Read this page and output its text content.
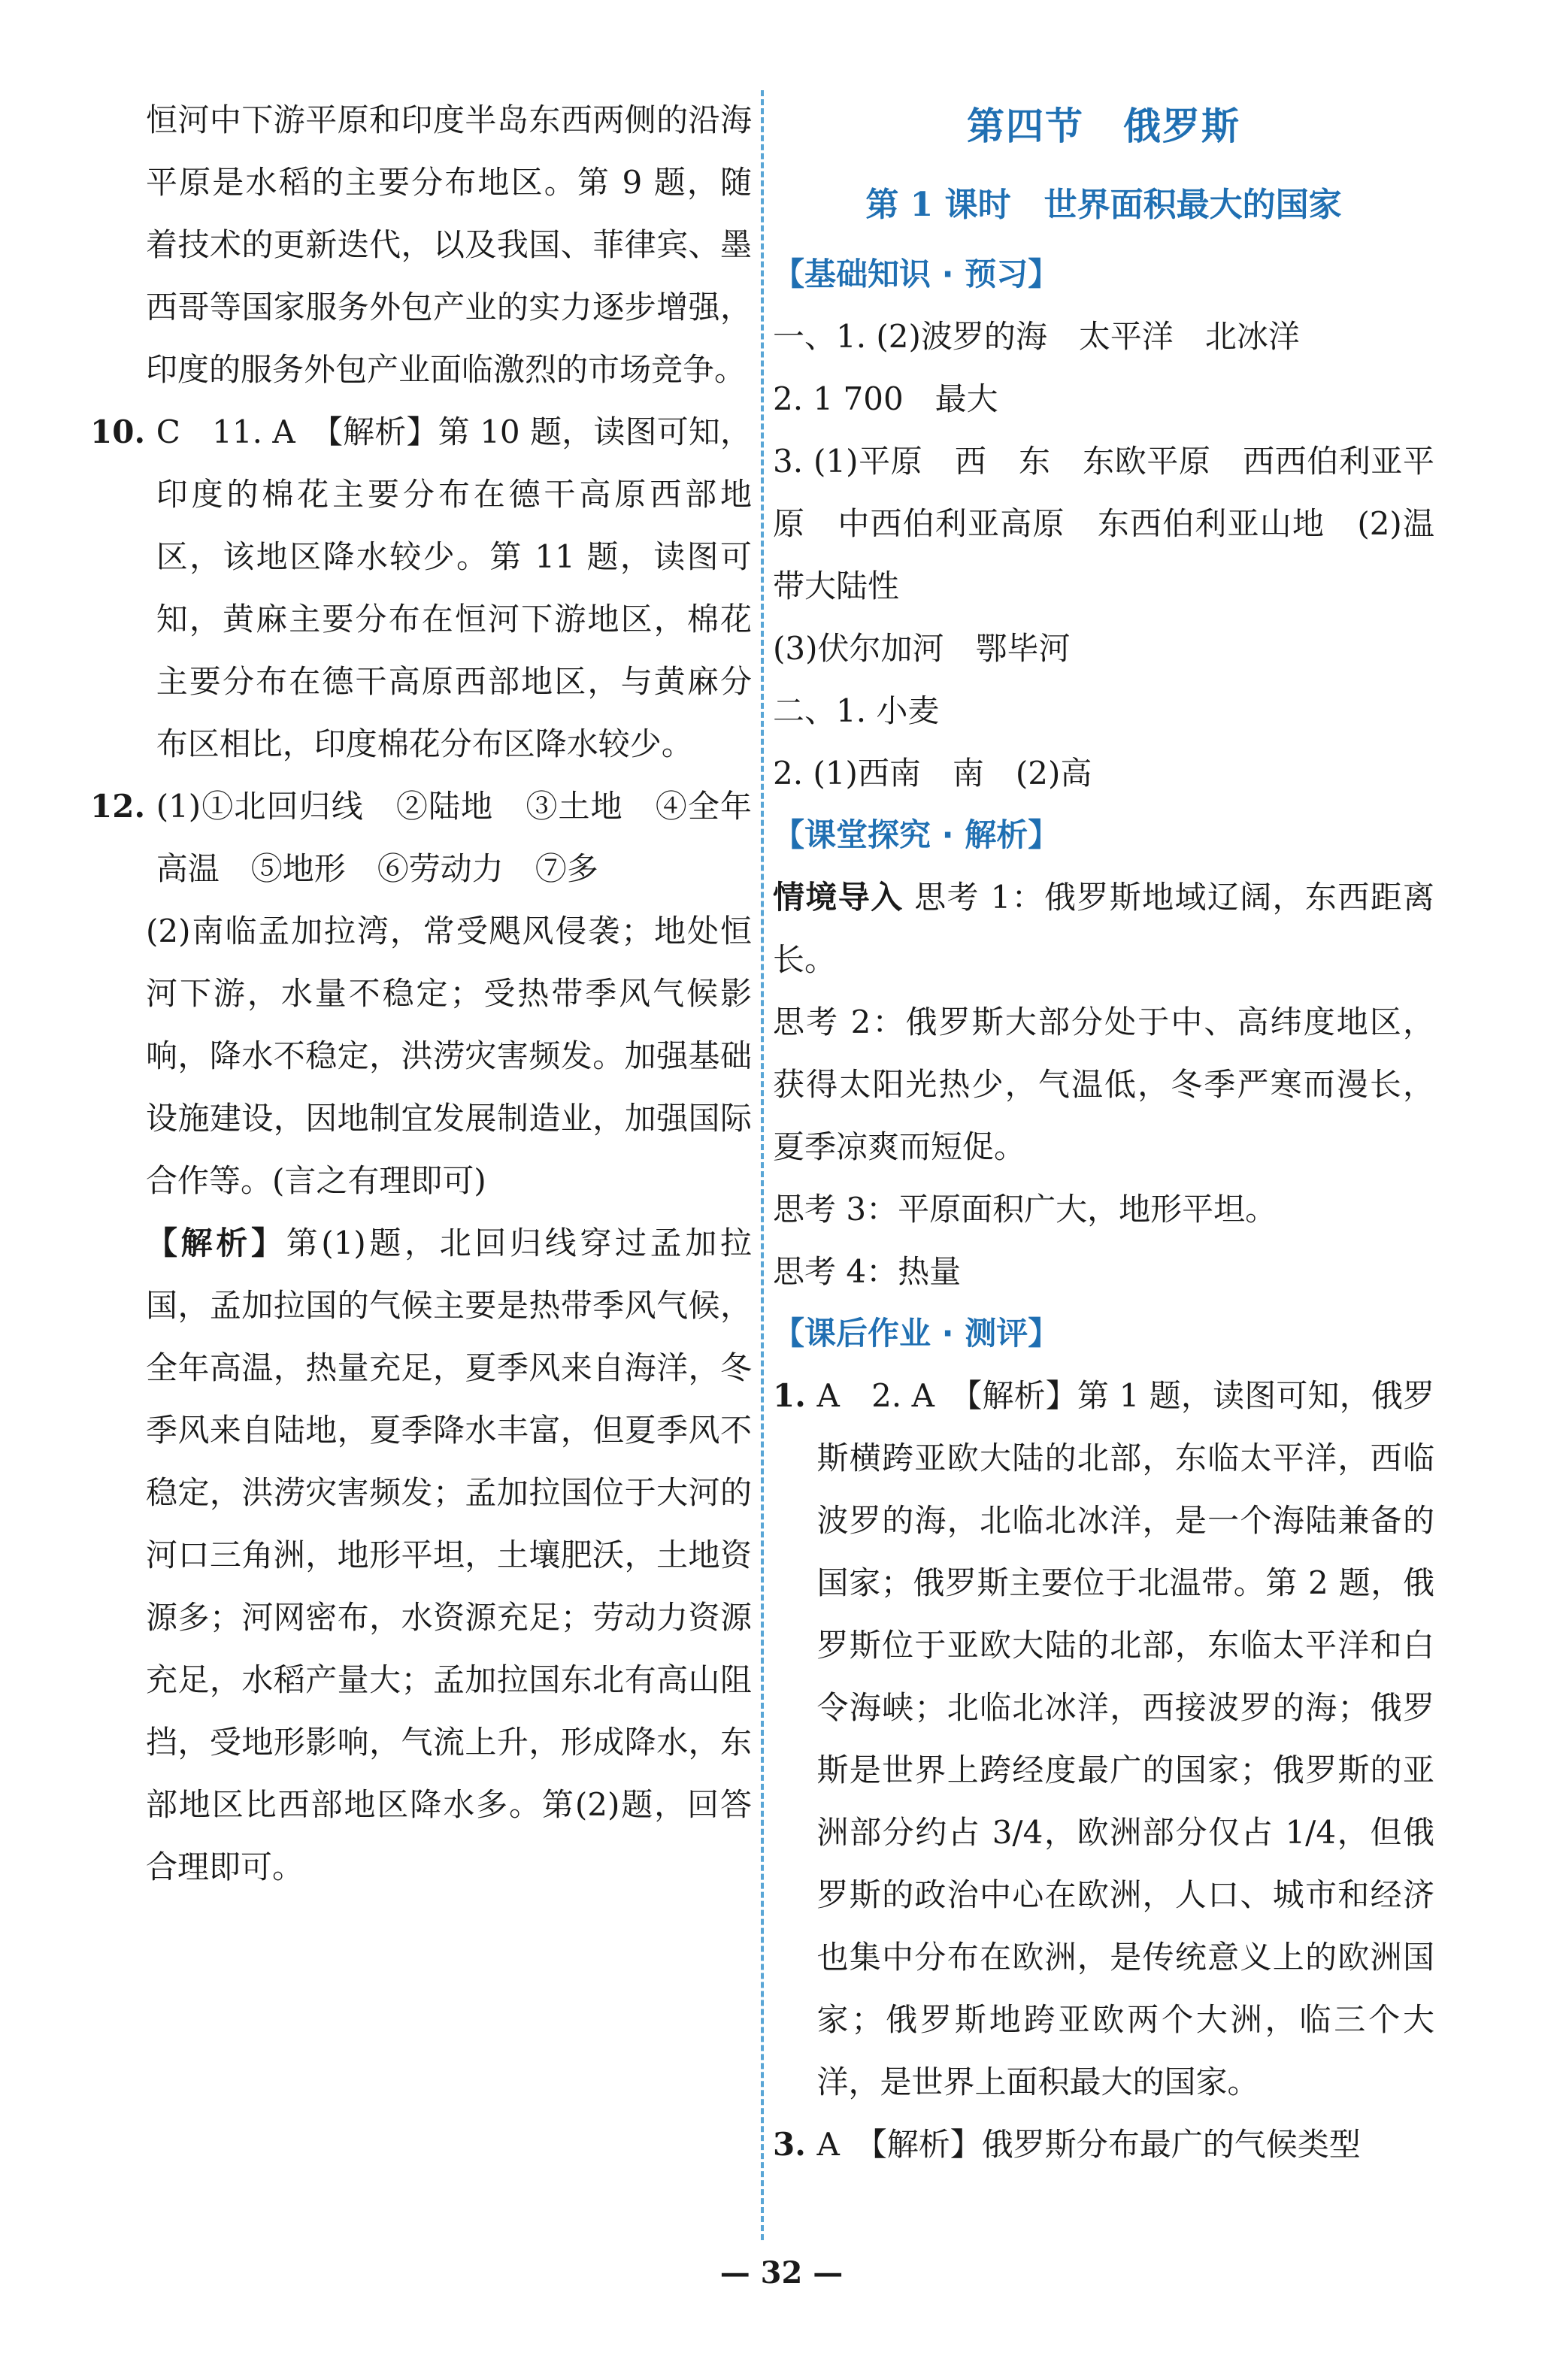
恒河中下游平原和印度半岛东西两侧的沿海平原是水稻的主要分布地区。第 9 题，随着技术的更新迭代，以及我国、菲律宾、墨西哥等国家服务外包产业的实力逐步增强，印度的服务外包产业面临激烈的市场竞争。

10. C　11. A　【解析】第 10 题，读图可知，印度的棉花主要分布在德干高原西部地区，该地区降水较少。第 11 题，读图可知，黄麻主要分布在恒河下游地区，棉花主要分布在德干高原西部地区，与黄麻分布区相比，印度棉花分布区降水较少。
12. (1)①北回归线　②陆地　③土地　④全年高温　⑤地形　⑥劳动力　⑦多

(2)南临孟加拉湾，常受飓风侵袭；地处恒河下游，水量不稳定；受热带季风气候影响，降水不稳定，洪涝灾害频发。加强基础设施建设，因地制宜发展制造业，加强国际合作等。(言之有理即可)

【解析】第(1)题，北回归线穿过孟加拉国，孟加拉国的气候主要是热带季风气候，全年高温，热量充足，夏季风来自海洋，冬季风来自陆地，夏季降水丰富，但夏季风不稳定，洪涝灾害频发；孟加拉国位于大河的河口三角洲，地形平坦，土壤肥沃，土地资源多；河网密布，水资源充足；劳动力资源充足，水稻产量大；孟加拉国东北有高山阻挡，受地形影响，气流上升，形成降水，东部地区比西部地区降水多。第(2)题，回答合理即可。

第四节　俄罗斯
第 1 课时　世界面积最大的国家

【基础知识 · 预习】

一、1. (2)波罗的海　太平洋　北冰洋

2. 1 700　最大

3. (1)平原　西　东　东欧平原　西西伯利亚平原　中西伯利亚高原　东西伯利亚山地　(2)温带大陆性

(3)伏尔加河　鄂毕河

二、1. 小麦

2. (1)西南　南　(2)高

【课堂探究 · 解析】

情境导入 思考 1：俄罗斯地域辽阔，东西距离长。

思考 2：俄罗斯大部分处于中、高纬度地区，获得太阳光热少，气温低，冬季严寒而漫长，夏季凉爽而短促。

思考 3：平原面积广大，地形平坦。

思考 4：热量

【课后作业 · 测评】

1. A　2. A　【解析】第 1 题，读图可知，俄罗斯横跨亚欧大陆的北部，东临太平洋，西临波罗的海，北临北冰洋，是一个海陆兼备的国家；俄罗斯主要位于北温带。第 2 题，俄罗斯位于亚欧大陆的北部，东临太平洋和白令海峡；北临北冰洋，西接波罗的海；俄罗斯是世界上跨经度最广的国家；俄罗斯的亚洲部分约占 3/4，欧洲部分仅占 1/4，但俄罗斯的政治中心在欧洲，人口、城市和经济也集中分布在欧洲，是传统意义上的欧洲国家；俄罗斯地跨亚欧两个大洲，临三个大洋，是世界上面积最大的国家。
3. A　【解析】俄罗斯分布最广的气候类型
— 32 —
